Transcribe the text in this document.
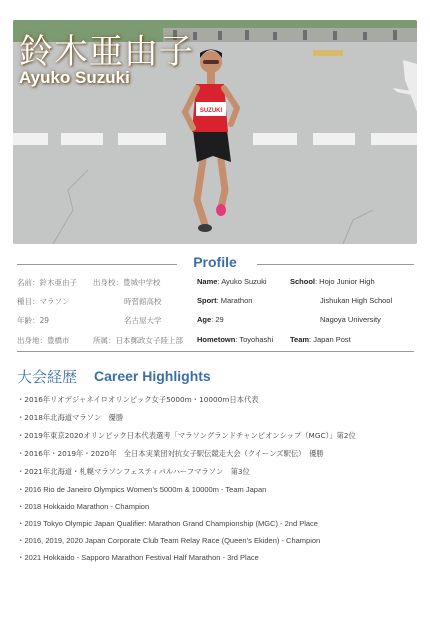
SUZUKI
鈴木亜由子
Ayuko Suzuki
Profile
名前：鈴木亜由子
種目：マラソン
年齢：29
出身地：豊橋市
出身校：豊城中学校
時習館高校
名古屋大学
所属：日本郵政女子陸上部
Name: Ayuko Suzuki
Sport: Marathon
Age: 29
Hometown: Toyohashi
School: Hojo Junior High
Jishukan High School
Nagoya University
Team: Japan Post
大会経歴 Career Highlights
・2016年リオデジャネイロオリンピック女子5000m・10000m日本代表
・2018年北海道マラソン　優勝
・2019年東京2020オリンピック日本代表選考「マラソングランドチャンピオンシップ（MGC）」第2位
・2016年・2019年・2020年　全日本実業団対抗女子駅伝競走大会（クイーンズ駅伝）　優勝
・2021年北海道・札幌マラソンフェスティバルハーフマラソン　第3位
・2016 Rio de Janeiro Olympics Women’s 5000m & 10000m - Team Japan
・2018 Hokkaido Marathon - Champion
・2019 Tokyo Olympic Japan Qualifier: Marathon Grand Championship (MGC) - 2nd Place
・2016, 2019, 2020 Japan Corporate Club Team Relay Race (Queen’s Ekiden) - Champion
・2021 Hokkaido - Sapporo Marathon Festival Half Marathon - 3rd Place
